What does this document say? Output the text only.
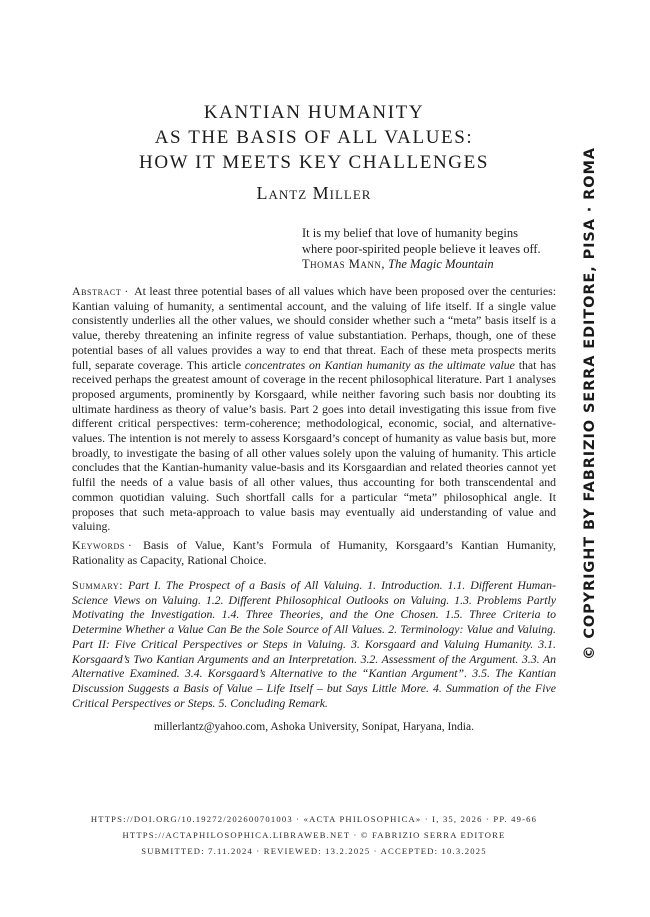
KANTIAN HUMANITY
AS THE BASIS OF ALL VALUES:
HOW IT MEETS KEY CHALLENGES
Lantz Miller
It is my belief that love of humanity begins
where poor-spirited people believe it leaves off.
Thomas Mann, The Magic Mountain
Abstract · At least three potential bases of all values which have been proposed over the centuries: Kantian valuing of humanity, a sentimental account, and the valuing of life itself. If a single value consistently underlies all the other values, we should consider whether such a “meta” basis itself is a value, thereby threatening an infinite regress of value substantiation. Perhaps, though, one of these potential bases of all values provides a way to end that threat. Each of these meta prospects merits full, separate coverage. This article concentrates on Kantian humanity as the ultimate value that has received perhaps the greatest amount of coverage in the recent philosophical literature. Part 1 analyses proposed arguments, prominently by Korsgaard, while neither favoring such basis nor doubting its ultimate hardiness as theory of value’s basis. Part 2 goes into detail investigating this issue from five different critical perspectives: term-coherence; methodological, economic, social, and alternative-values. The intention is not merely to assess Korsgaard’s concept of humanity as value basis but, more broadly, to investigate the basing of all other values solely upon the valuing of humanity. This article concludes that the Kantian-humanity value-basis and its Korsgaardian and related theories cannot yet fulfil the needs of a value basis of all other values, thus accounting for both transcendental and common quotidian valuing. Such shortfall calls for a particular “meta” philosophical angle. It proposes that such meta-approach to value basis may eventually aid understanding of value and valuing.
Keywords · Basis of Value, Kant’s Formula of Humanity, Korsgaard’s Kantian Humanity, Rationality as Capacity, Rational Choice.
Summary: Part I. The Prospect of a Basis of All Valuing. 1. Introduction. 1.1. Different Human-Science Views on Valuing. 1.2. Different Philosophical Outlooks on Valuing. 1.3. Problems Partly Motivating the Investigation. 1.4. Three Theories, and the One Chosen. 1.5. Three Criteria to Determine Whether a Value Can Be the Sole Source of All Values. 2. Terminology: Value and Valuing. Part II: Five Critical Perspectives or Steps in Valuing. 3. Korsgaard and Valuing Humanity. 3.1. Korsgaard’s Two Kantian Arguments and an Interpretation. 3.2. Assessment of the Argument. 3.3. An Alternative Examined. 3.4. Korsgaard’s Alternative to the “Kantian Argument”. 3.5. The Kantian Discussion Suggests a Basis of Value – Life Itself – but Says Little More. 4. Summation of the Five Critical Perspectives or Steps. 5. Concluding Remark.
millerlantz@yahoo.com, Ashoka University, Sonipat, Haryana, India.
HTTPS://DOI.ORG/10.19272/202600701003 · «ACTA PHILOSOPHICA» · I, 35, 2026 · PP. 49-66
HTTPS://ACTAPHILOSOPHICA.LIBRAWEB.NET · © FABRIZIO SERRA EDITORE
SUBMITTED: 7.11.2024 · REVIEWED: 13.2.2025 · ACCEPTED: 10.3.2025
© COPYRIGHT BY FABRIZIO SERRA EDITORE, PISA · ROMA
